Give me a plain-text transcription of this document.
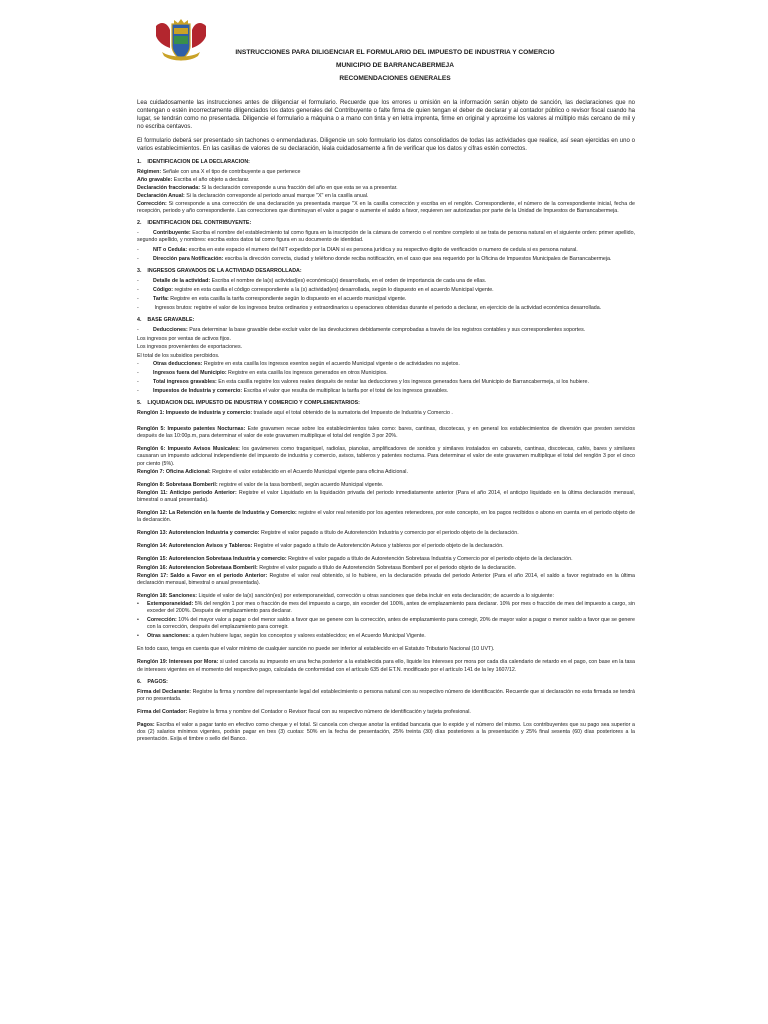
INSTRUCCIONES PARA DILIGENCIAR EL FORMULARIO DEL IMPUESTO DE INDUSTRIA Y COMERCIO
MUNICIPIO DE BARRANCABERMEJA
RECOMENDACIONES GENERALES

Lea cuidadosamente las instrucciones antes de diligenciar el formulario. Recuerde que los errores u omisión en la información serán objeto de sanción, las declaraciones que no contengan o estén incorrectamente diligenciados los datos generales del Contribuyente o falte firma de quien tengan el deber de declarar y al contador público o revisor fiscal cuando ha lugar, se tendrán como no presentada. Diligencie el formulario a máquina o a mano con tinta y en letra imprenta, firme en original y aproxime los valores al múltiplo más cercano de mil y no escriba centavos.

El formulario deberá ser presentado sin tachones o enmendaduras. Diligencie un solo formulario los datos consolidados de todas las actividades que realice, así sean ejercidas en uno o varios establecimientos. En las casillas de valores de su declaración, léala cuidadosamente a fin de verificar que los datos y cifras estén correctos.

1. IDENTIFICACION DE LA DECLARACION:

Régimen: Señale con una X el tipo de contribuyente a que pertenece

Año gravable: Escriba el año objeto a declarar.

Declaración fraccionada: Si la declaración corresponde a una fracción del año en que esta se va a presentar.

Declaración Anual: Si la declaración corresponde al periodo anual marque "X" en la casilla anual.

Corrección: Si corresponde a una corrección de una declaración ya presentada marque "X en la casilla corrección y escriba en el renglón. Correspondiente, el número de la correspondiente inicial, fecha de recepción, periodo y año correspondiente. Las correcciones que disminuyan el valor a pagar o aumente el saldo a favor, requieren ser autorizadas por parte de la Unidad de Impuestos de Barrancabermeja.

2. IDENTIFICACION DEL CONTRIBUYENTE:

-	Contribuyente: Escriba el nombre del establecimiento tal como figura en la inscripción de la cámara de comercio o el nombre completo si se trata de persona natural en el siguiente orden: primer apellido, segundo apellido, y nombres: escriba estos datos tal como figura en su documento de identidad.

-	NIT o Cedula: escriba en este espacio el numero del NIT expedido por la DIAN si es persona jurídica y su respectivo digito de verificación o numero de cedula si es persona natural.

-	Dirección para Notificación: escriba la dirección correcta, ciudad y teléfono donde reciba notificación, en el caso que sea requerido por la Oficina de Impuestos Municipales de Barrancabermeja.

3. INGRESOS GRAVADOS DE LA ACTIVIDAD DESARROLLADA:

-	Detalle de la actividad: Escriba el nombre de la(s) actividad(es) económica(s) desarrollada, en el orden de importancia de cada una de ellas.

-	Código: registre en esta casilla el código correspondiente a la (s) actividad(es) desarrollada, según lo dispuesto en el acuerdo Municipal vigente.

-	Tarifa: Registre en esta casilla la tarifa correspondiente según lo dispuesto en el acuerdo municipal vigente.

-	Ingresos brutos: registre el valor de los ingresos brutos ordinarios y extraordinarios u operaciones obtenidas durante el periodo a declarar, en ejercicio de la actividad económica desarrollada.

4. BASE GRAVABLE:

-	Deducciones: Para determinar la base gravable debe excluir valor de las devoluciones debidamente comprobadas a través de los registros contables y sus correspondientes soportes.

Los ingresos por ventas de activos fijos.

Los ingresos provenientes de exportaciones.

El total de los subsidios percibidos.

-	Otras deducciones: Registre en esta casilla los ingresos exentos según el acuerdo Municipal vigente o de actividades no sujetos.

-	Ingresos fuera del Municipio: Registre en esta casilla los ingresos generados en otros Municipios.

-	Total ingresos gravables: En esta casilla registre los valores reales después de restar las deducciones y los ingresos generados fuera del Municipio de Barrancabermeja, si los hubiere.

-	Impuestos de Industria y comercio: Escriba el valor que resulta de multiplicar la tarifa por el total de los ingresos gravables.

5. LIQUIDACION DEL IMPUESTO DE INDUSTRIA Y COMERCIO Y COMPLEMENTARIOS:

Renglón 1: Impuesto de industria y comercio: traslade aquí el total obtenido de la sumatoria del Impuesto de Industria y Comercio .

Renglón 5: Impuesto patentes Nocturnas: Este gravamen recae sobre los establecimientos tales como: bares, cantinas, discotecas, y en general los establecimientos de diversión que presten servicios después de las 10:00p.m, para determinar el valor de este gravamen multiplique el total del renglón 3 por 20%.

Renglón 6: Impuesto Avisos Musicales: los gavámenes como traganiquel, radiolas, pianolas, amplificadores de sonidos y similares instalados en cabarets, cantinas, discotecas, cafés, bares y similares causaran un impuesto adicional independiente del impuesto de industria y comercio, avisos, tableros y patentes nocturna. Para determinar el valor de este gravamen multiplique el total del renglón 3 por el cinco por ciento (5%).

Renglón 7: Oficina Adicional: Registre el valor establecido en el Acuerdo Municipal vigente para oficina Adicional.

Renglón 8: Sobretasa Bomberil: registre el valor de la tasa bomberil, según acuerdo Municipal vigente.

Renglón 11: Anticipo periodo Anterior: Registre el valor Liquidado en la liquidación privada del periodo inmediatamente anterior (Para el año 2014, el anticipo liquidado en la última declaración mensual, bimestral o anual presentada).

Renglón 12: La Retención en la fuente de Industria y Comercio: registre el valor real retenido por los agentes retenedores, por este concepto, en los pagos recibidos o abono en cuenta en el periodo objeto de la declaración.

Renglón 13: Autoretencion Industria y comercio: Registre el valor pagado a título de Autoretención Industria y comercio por el periodo objeto de la declaración.

Renglón 14: Autoretencion Avisos y Tableros: Registre el valor pagado a título de Autoretención Avisos y tableros por el periodo objeto de la declaración.

Renglón 15: Autoretencion Sobretasa Industria y comercio: Registre el valor pagado a título de Autoretención Sobretasa Industria y Comercio por el periodo objeto de la declaración.

Renglón 16: Autoretencion Sobretasa Bomberil: Registre el valor pagado a título de Autoretención Sobretasa Bomberil por el periodo objeto de la declaración.

Renglón 17: Saldo a Favor en el periodo Anterior: Registre el valor real obtenido, si lo hubiere, en la declaración privada del periodo Anterior (Para el año 2014, el saldo a favor registrado en la última declaración mensual, bimestral o anual presentada).

Renglón 18: Sanciones: Liquide el valor de la(s) sanción(es) por extemporaneidad, corrección u otras sanciones que deba incluir en esta declaración; de acuerdo a lo siguiente:

• Extemporaneidad: 5% del renglón 1 por mes o fracción de mes del impuesto a cargo, sin exceder del 100%, antes de emplazamiento para declarar. 10% por mes o fracción de mes del impuesto a cargo, sin exceder del 200%. Después de emplazamiento para declarar.

• Corrección: 10% del mayor valor a pagar o del menor saldo a favor que se genere con la corrección, antes de emplazamiento para corregir, 20% de mayor valor a pagar o menor saldo a favor que se genere con la corrección, después del emplazamiento para corregir.

• Otras sanciones: a quien hubiere lugar, según los conceptos y valores establecidos; en el Acuerdo Municipal Vigente.

En todo caso, tenga en cuenta que el valor mínimo de cualquier sanción no puede ser inferior al establecido en el Estatuto Tributario Nacional (10 UVT).

Renglón 19: Intereses por Mora: si usted cancela su impuesto en una fecha posterior a la establecida para ello, liquide los intereses por mora por cada día calendario de retardo en el pago, con base en la tasa de intereses vigentes en el momento del respectivo pago, calculada de conformidad con el artículo 635 del ET.N. modificado por el artículo 141 de la ley 1607/12.

6. PAGOS:

Firma del Declarante: Registre la firma y nombre del representante legal del establecimiento o persona natural con su respectivo número de identificación. Recuerde que si declaración no esta firmada se tendrá por no presentada.

Firma del Contador: Registre la firma y nombre del Contador o Revisor fiscal con su respectivo número de identificación y tarjeta profesional.

Pagos: Escriba el valor a pagar tanto en efectivo como cheque y el total. Si cancela con cheque anotar la entidad bancaria que lo expide y el número del mismo. Los contribuyentes que su pago sea superior a dos (2) salarios mínimos vigentes, podrán pagar en tres (3) cuotas: 50% en la fecha de presentación, 25% treinta (30) días posteriores a la presentación y 25% final sesenta (60) días posteriores a la presentación. Exija el timbre o sello del Banco.
